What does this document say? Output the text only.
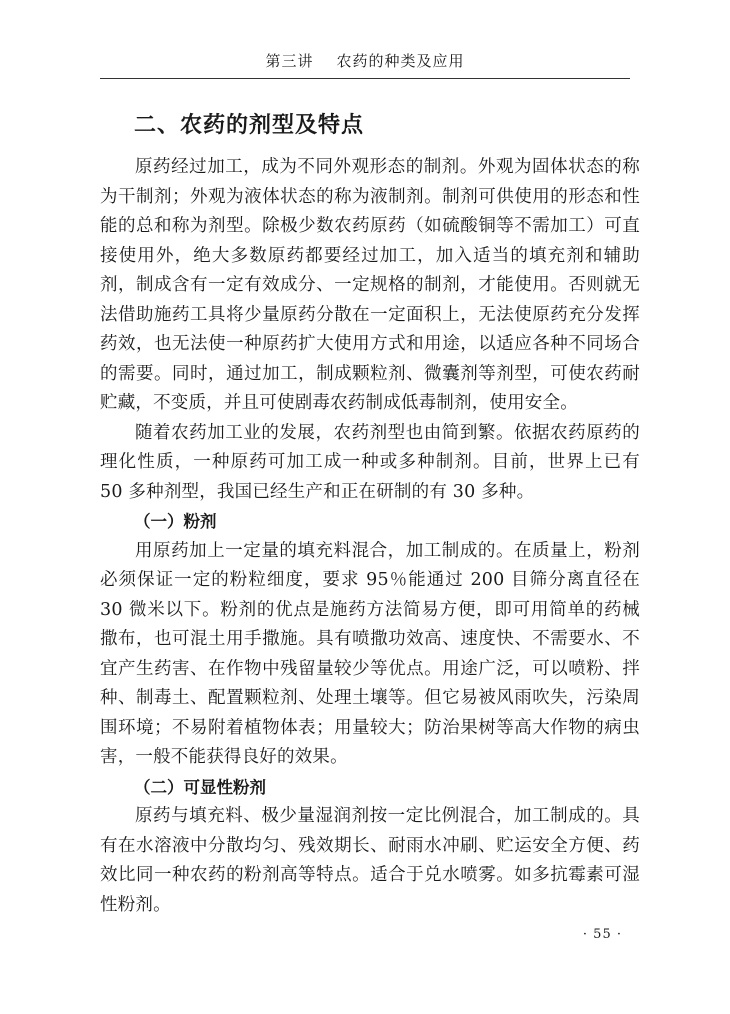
第三讲    农药的种类及应用
二、农药的剂型及特点

原药经过加工，成为不同外观形态的制剂。外观为固体状态的称为干制剂；外观为液体状态的称为液制剂。制剂可供使用的形态和性能的总和称为剂型。除极少数农药原药（如硫酸铜等不需加工）可直接使用外，绝大多数原药都要经过加工，加入适当的填充剂和辅助剂，制成含有一定有效成分、一定规格的制剂，才能使用。否则就无法借助施药工具将少量原药分散在一定面积上，无法使原药充分发挥药效，也无法使一种原药扩大使用方式和用途，以适应各种不同场合的需要。同时，通过加工，制成颗粒剂、微囊剂等剂型，可使农药耐贮藏，不变质，并且可使剧毒农药制成低毒制剂，使用安全。

随着农药加工业的发展，农药剂型也由简到繁。依据农药原药的理化性质，一种原药可加工成一种或多种制剂。目前，世界上已有 50 多种剂型，我国已经生产和正在研制的有 30 多种。

（一）粉剂

用原药加上一定量的填充料混合，加工制成的。在质量上，粉剂必须保证一定的粉粒细度，要求 95％能通过 200 目筛分离直径在 30 微米以下。粉剂的优点是施药方法简易方便，即可用简单的药械撒布，也可混土用手撒施。具有喷撒功效高、速度快、不需要水、不宜产生药害、在作物中残留量较少等优点。用途广泛，可以喷粉、拌种、制毒土、配置颗粒剂、处理土壤等。但它易被风雨吹失，污染周围环境；不易附着植物体表；用量较大；防治果树等高大作物的病虫害，一般不能获得良好的效果。

（二）可显性粉剂

原药与填充料、极少量湿润剂按一定比例混合，加工制成的。具有在水溶液中分散均匀、残效期长、耐雨水冲刷、贮运安全方便、药效比同一种农药的粉剂高等特点。适合于兑水喷雾。如多抗霉素可湿性粉剂。

· 55 ·
